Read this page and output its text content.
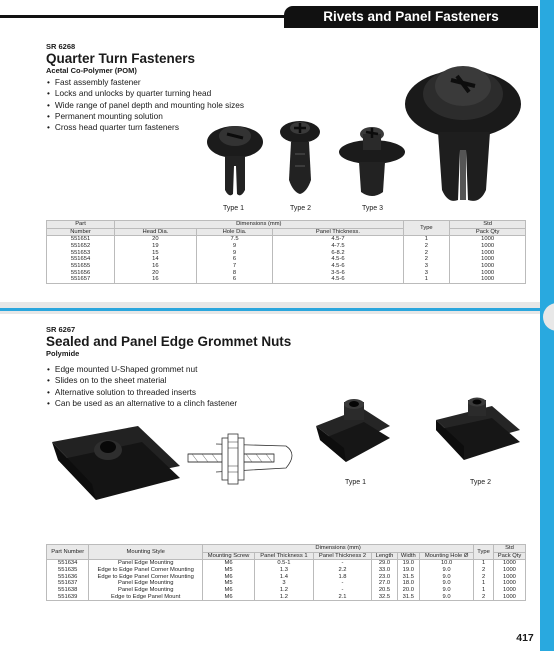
Rivets and Panel Fasteners
417
SR 6268
Quarter Turn Fasteners
Acetal Co-Polymer (POM)
• Fast assembly fastener
• Locks and unlocks by quarter turning head
• Wide range of panel depth and mounting hole sizes
• Permanent mounting solution
• Cross head quarter turn fasteners
Type 1	Type 2	Type 3
Part	Dimensions (mm)			Type	Std
Number	Head Dia.	Hole Dia.	Panel Thickness.		Pack Qty
551651	20	7.5	4.5-7	1	1000
551652	19	9	4-7.5	2	1000
551653	15	9	6-8.2	2	1000
551654	14	6	4.5-6	2	1000
551655	16	7	4.5-6	3	1000
551656	20	8	3-5-6	3	1000
551657	16	6	4.5-6	1	1000
SR 6267
Sealed and Panel Edge Grommet Nuts
Polymide
• Edge mounted U-Shaped grommet nut
• Slides on to the sheet material
• Alternative solution to threaded inserts
• Can be used as an alternative to a clinch fastener
Type 1	Type 2
Part Number	Mounting Style	Dimensions (mm)						Type	Std
		Mounting Screw	Panel Thickness 1	Panel Thickness 2	Length	Width	Mounting Hole Ø		Pack Qty
551634	Panel Edge Mounting	M6	0.5-1	-	29.0	19.0	10.0	1	1000
551635	Edge to Edge Panel Corner Mounting	M5	1.3	2.2	33.0	19.0	9.0	2	1000
551636	Edge to Edge Panel Corner Mounting	M6	1.4	1.8	23.0	31.5	9.0	2	1000
551637	Panel Edge Mounting	M5	3	-	27.0	18.0	9.0	1	1000
551638	Panel Edge Mounting	M6	1.2	-	20.5	20.0	9.0	1	1000
551639	Edge to Edge Panel Mount	M6	1.2	2.1	32.5	31.5	9.0	2	1000
